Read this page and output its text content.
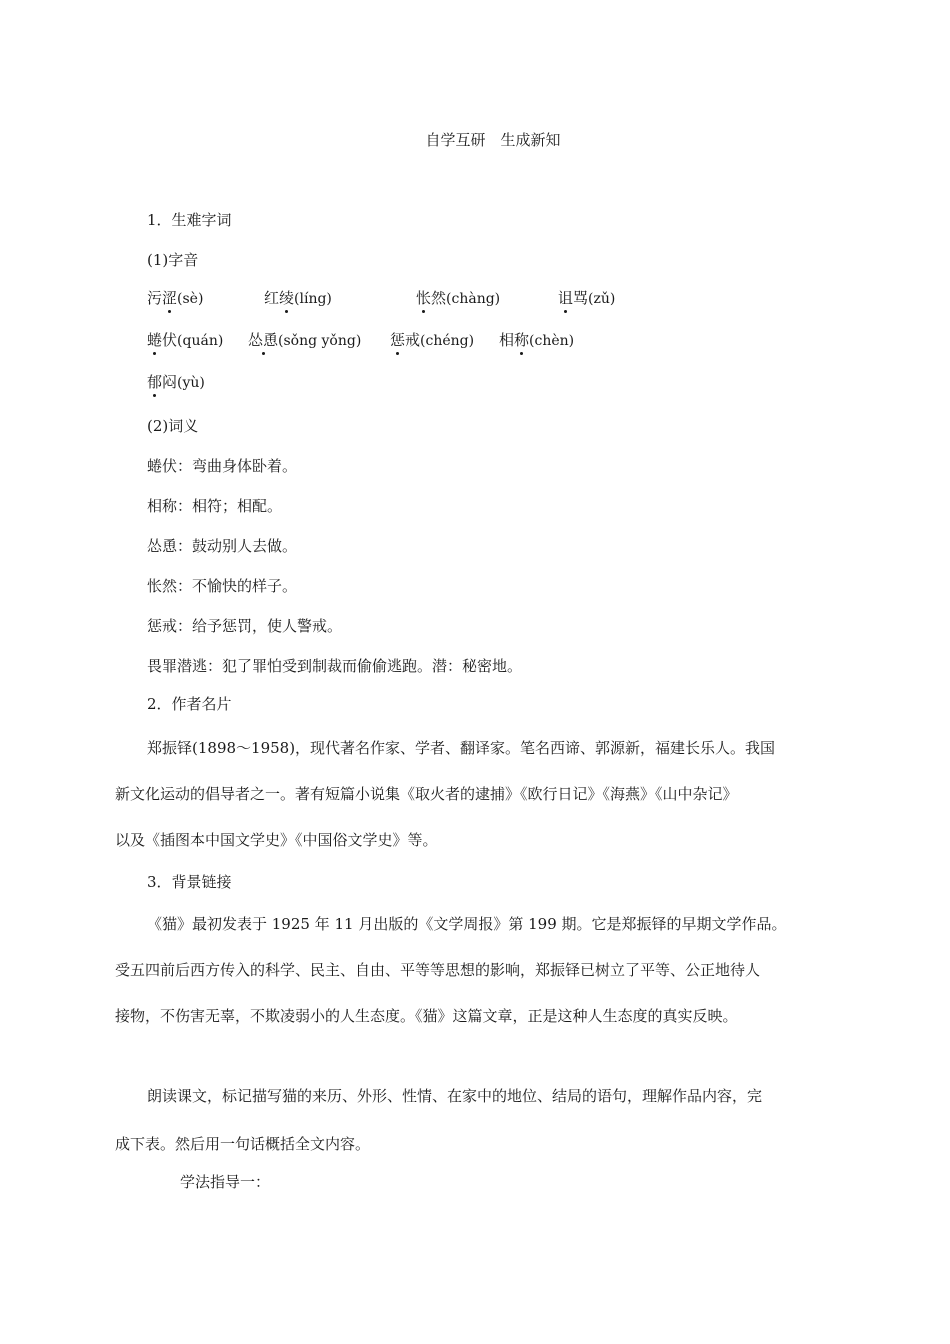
自学互研　生成新知
1．生难字词
(1)字音
污涩(sè)	红绫(líng)	怅然(chàng)	诅骂(zǔ)
蜷伏(quán) 怂恿(sǒng yǒng) 惩戒(chéng) 相称(chèn)
郁闷(yù)
(2)词义
蜷伏：弯曲身体卧着。
相称：相符；相配。
怂恿：鼓动别人去做。
怅然：不愉快的样子。
惩戒：给予惩罚，使人警戒。
畏罪潜逃：犯了罪怕受到制裁而偷偷逃跑。潜：秘密地。
2．作者名片
郑振铎(1898～1958)，现代著名作家、学者、翻译家。笔名西谛、郭源新，福建长乐人。我国
新文化运动的倡导者之一。著有短篇小说集《取火者的逮捕》《欧行日记》《海燕》《山中杂记》
以及《插图本中国文学史》《中国俗文学史》等。
3．背景链接
《猫》最初发表于 1925 年 11 月出版的《文学周报》第 199 期。它是郑振铎的早期文学作品。
受五四前后西方传入的科学、民主、自由、平等等思想的影响，郑振铎已树立了平等、公正地待人
接物，不伤害无辜，不欺凌弱小的人生态度。《猫》这篇文章，正是这种人生态度的真实反映。
朗读课文，标记描写猫的来历、外形、性情、在家中的地位、结局的语句，理解作品内容，完
成下表。然后用一句话概括全文内容。
学法指导一：
